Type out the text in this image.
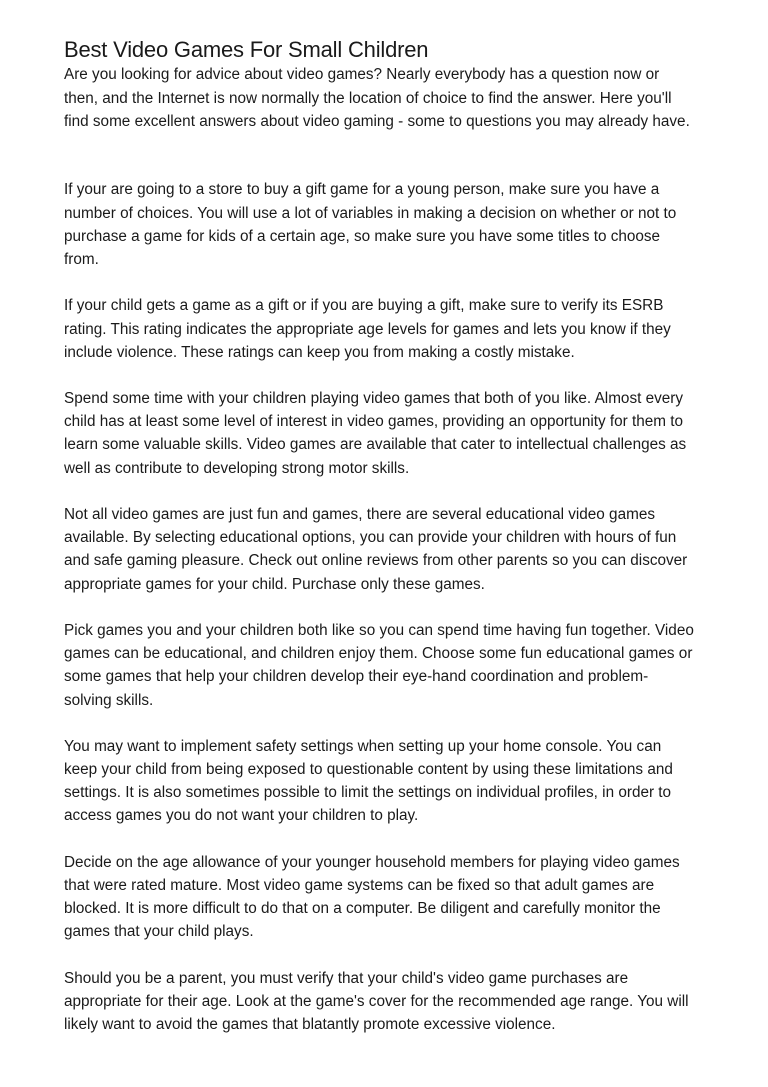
Best Video Games For Small Children
Are you looking for advice about video games? Nearly everybody has a question now or
then, and the Internet is now normally the location of choice to find the answer. Here you'll
find some excellent answers about video gaming - some to questions you may already have.
If your are going to a store to buy a gift game for a young person, make sure you have a
number of choices. You will use a lot of variables in making a decision on whether or not to
purchase a game for kids of a certain age, so make sure you have some titles to choose
from.
If your child gets a game as a gift or if you are buying a gift, make sure to verify its ESRB
rating. This rating indicates the appropriate age levels for games and lets you know if they
include violence. These ratings can keep you from making a costly mistake.
Spend some time with your children playing video games that both of you like. Almost every
child has at least some level of interest in video games, providing an opportunity for them to
learn some valuable skills. Video games are available that cater to intellectual challenges as
well as contribute to developing strong motor skills.
Not all video games are just fun and games, there are several educational video games
available. By selecting educational options, you can provide your children with hours of fun
and safe gaming pleasure. Check out online reviews from other parents so you can discover
appropriate games for your child. Purchase only these games.
Pick games you and your children both like so you can spend time having fun together. Video
games can be educational, and children enjoy them. Choose some fun educational games or
some games that help your children develop their eye-hand coordination and problem-
solving skills.
You may want to implement safety settings when setting up your home console. You can
keep your child from being exposed to questionable content by using these limitations and
settings. It is also sometimes possible to limit the settings on individual profiles, in order to
access games you do not want your children to play.
Decide on the age allowance of your younger household members for playing video games
that were rated mature. Most video game systems can be fixed so that adult games are
blocked. It is more difficult to do that on a computer. Be diligent and carefully monitor the
games that your child plays.
Should you be a parent, you must verify that your child's video game purchases are
appropriate for their age. Look at the game's cover for the recommended age range. You will
likely want to avoid the games that blatantly promote excessive violence.
